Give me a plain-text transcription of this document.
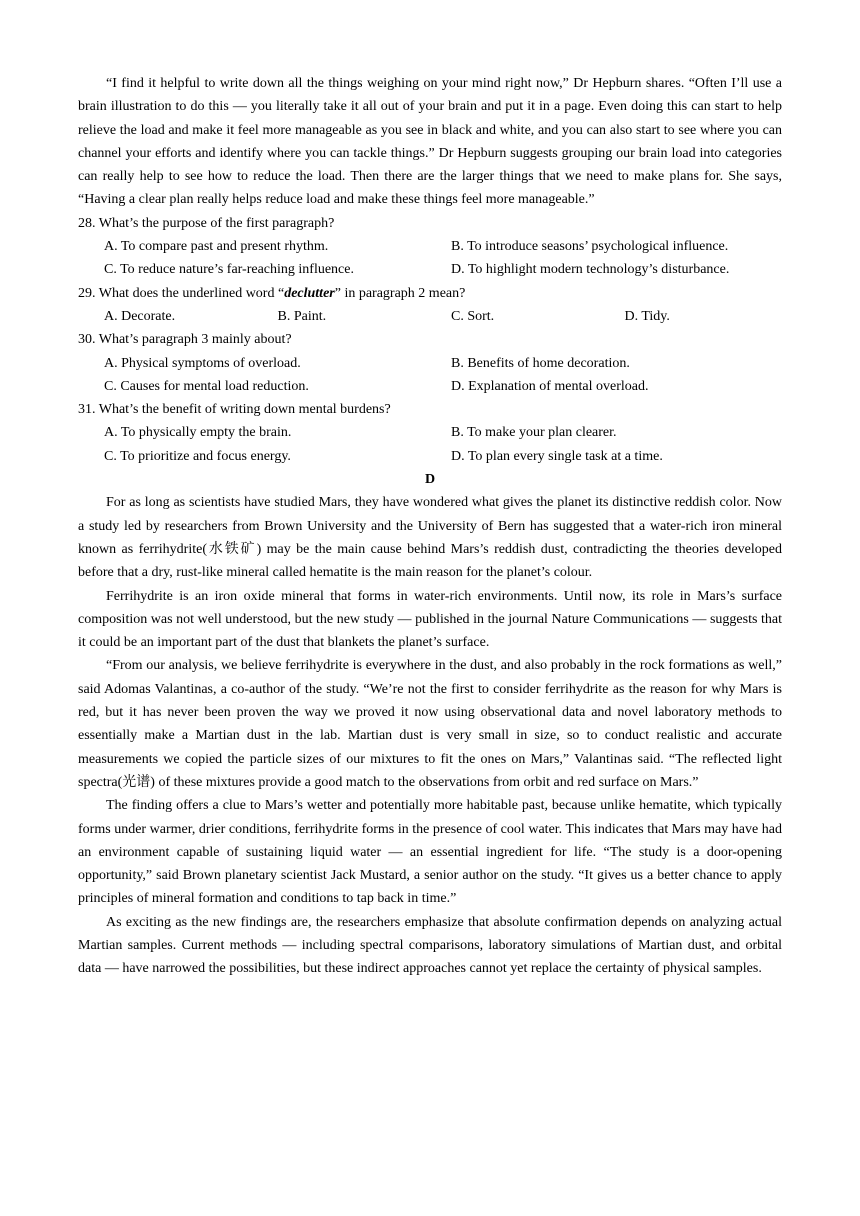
“I find it helpful to write down all the things weighing on your mind right now,” Dr Hepburn shares. “Often I’ll use a brain illustration to do this — you literally take it all out of your brain and put it in a page. Even doing this can start to help relieve the load and make it feel more manageable as you see in black and white, and you can also start to see where you can channel your efforts and identify where you can tackle things.” Dr Hepburn suggests grouping our brain load into categories can really help to see how to reduce the load. Then there are the larger things that we need to make plans for. She says, “Having a clear plan really helps reduce load and make these things feel more manageable.”

28. What’s the purpose of the first paragraph?
A. To compare past and present rhythm.	B. To introduce seasons’ psychological influence.
C. To reduce nature’s far-reaching influence.	D. To highlight modern technology’s disturbance.
29. What does the underlined word “declutter” in paragraph 2 mean?
A. Decorate.	B. Paint.	C. Sort.	D. Tidy.
30. What’s paragraph 3 mainly about?
A. Physical symptoms of overload.	B. Benefits of home decoration.
C. Causes for mental load reduction.	D. Explanation of mental overload.
31. What’s the benefit of writing down mental burdens?
A. To physically empty the brain.	B. To make your plan clearer.
C. To prioritize and focus energy.	D. To plan every single task at a time.
D

For as long as scientists have studied Mars, they have wondered what gives the planet its distinctive reddish color. Now a study led by researchers from Brown University and the University of Bern has suggested that a water-rich iron mineral known as ferrihydrite(水铁矿) may be the main cause behind Mars’s reddish dust, contradicting the theories developed before that a dry, rust-like mineral called hematite is the main reason for the planet’s colour.

Ferrihydrite is an iron oxide mineral that forms in water-rich environments. Until now, its role in Mars’s surface composition was not well understood, but the new study — published in the journal Nature Communications — suggests that it could be an important part of the dust that blankets the planet’s surface.

“From our analysis, we believe ferrihydrite is everywhere in the dust, and also probably in the rock formations as well,” said Adomas Valantinas, a co-author of the study. “We’re not the first to consider ferrihydrite as the reason for why Mars is red, but it has never been proven the way we proved it now using observational data and novel laboratory methods to essentially make a Martian dust in the lab. Martian dust is very small in size, so to conduct realistic and accurate measurements we copied the particle sizes of our mixtures to fit the ones on Mars,” Valantinas said. “The reflected light spectra(光谱) of these mixtures provide a good match to the observations from orbit and red surface on Mars.”

The finding offers a clue to Mars’s wetter and potentially more habitable past, because unlike hematite, which typically forms under warmer, drier conditions, ferrihydrite forms in the presence of cool water. This indicates that Mars may have had an environment capable of sustaining liquid water — an essential ingredient for life. “The study is a door-opening opportunity,” said Brown planetary scientist Jack Mustard, a senior author on the study. “It gives us a better chance to apply principles of mineral formation and conditions to tap back in time.”

As exciting as the new findings are, the researchers emphasize that absolute confirmation depends on analyzing actual Martian samples. Current methods — including spectral comparisons, laboratory simulations of Martian dust, and orbital data — have narrowed the possibilities, but these indirect approaches cannot yet replace the certainty of physical samples.
